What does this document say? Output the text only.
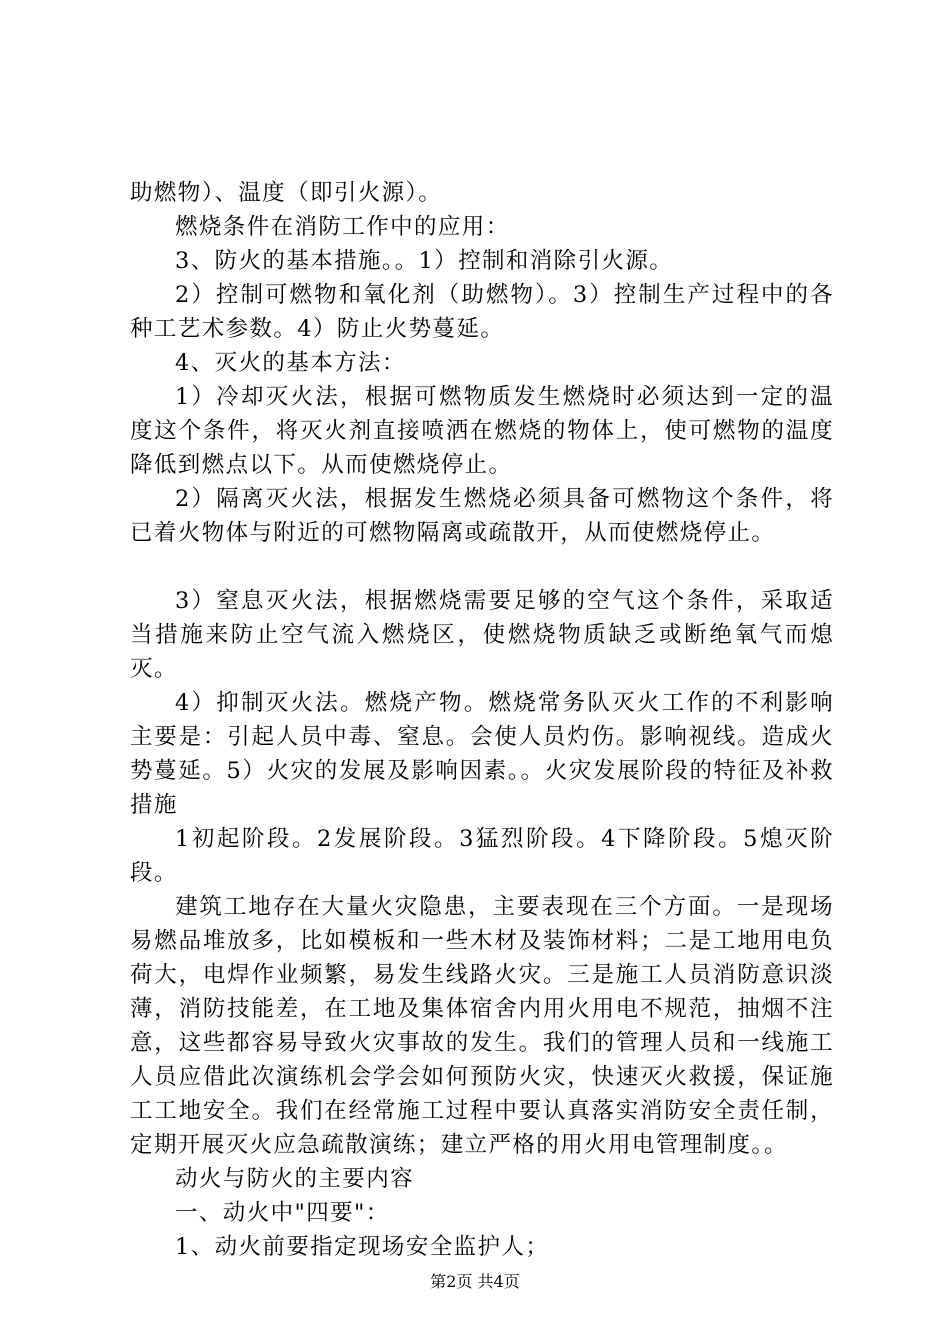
助燃物）、温度（即引火源）。

燃烧条件在消防工作中的应用：

3、防火的基本措施。。1）控制和消除引火源。

2）控制可燃物和氧化剂（助燃物）。3）控制生产过程中的各种工艺术参数。4）防止火势蔓延。

4、灭火的基本方法：

1）冷却灭火法，根据可燃物质发生燃烧时必须达到一定的温度这个条件，将灭火剂直接喷洒在燃烧的物体上，使可燃物的温度降低到燃点以下。从而使燃烧停止。

2）隔离灭火法，根据发生燃烧必须具备可燃物这个条件，将已着火物体与附近的可燃物隔离或疏散开，从而使燃烧停止。

3）窒息灭火法，根据燃烧需要足够的空气这个条件，采取适当措施来防止空气流入燃烧区，使燃烧物质缺乏或断绝氧气而熄灭。

4）抑制灭火法。燃烧产物。燃烧常务队灭火工作的不利影响主要是：引起人员中毒、窒息。会使人员灼伤。影响视线。造成火势蔓延。5）火灾的发展及影响因素。。火灾发展阶段的特征及补救措施

1初起阶段。2发展阶段。3猛烈阶段。4下降阶段。5熄灭阶段。

建筑工地存在大量火灾隐患，主要表现在三个方面。一是现场易燃品堆放多，比如模板和一些木材及装饰材料；二是工地用电负荷大，电焊作业频繁，易发生线路火灾。三是施工人员消防意识淡薄，消防技能差，在工地及集体宿舍内用火用电不规范，抽烟不注意，这些都容易导致火灾事故的发生。我们的管理人员和一线施工人员应借此次演练机会学会如何预防火灾，快速灭火救援，保证施工工地安全。我们在经常施工过程中要认真落实消防安全责任制，定期开展灭火应急疏散演练；建立严格的用火用电管理制度。。

动火与防火的主要内容

一、动火中"四要"：

1、动火前要指定现场安全监护人；

第2页 共4页
